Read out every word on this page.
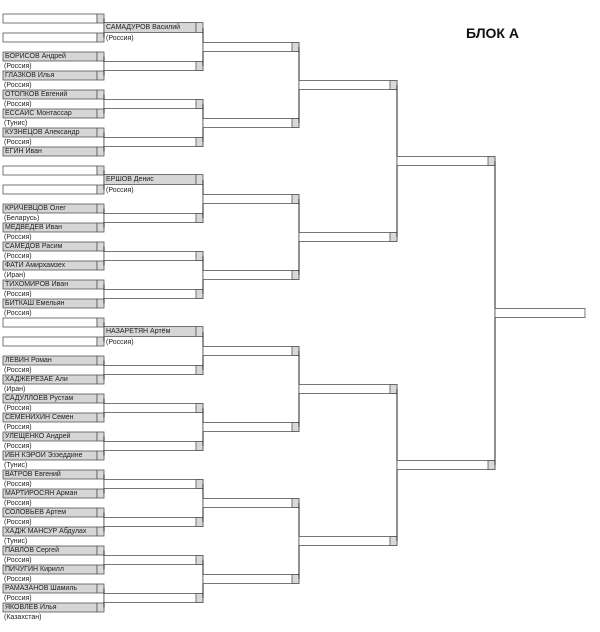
БОРИСОВ Андрей
(Россия)
ГЛАЗКОВ Илья
(Россия)
ОТОПКОВ Евгений
(Россия)
ЕССАИС Монтассар
(Тунис)
КУЗНЕЦОВ Александр
(Россия)
ЕГИН Иван
КРИЧЕВЦОВ Олег
(Беларусь)
МЕДВЕДЕВ Иван
(Россия)
САМЕДОВ Расим
(Россия)
ФАТИ Амирхамзех
(Иран)
ТИХОМИРОВ Иван
(Россия)
БИТКАШ Емельян
(Россия)
ЛЕВИН Роман
(Россия)
ХАДЖЕРЕЗАЕ Али
(Иран)
САДУЛЛОЕВ Рустам
(Россия)
СЕМЕНИХИН Семен
(Россия)
УЛЕЩЕНКО Андрей
(Россия)
ИБН КЭРОИ Эззеддине
(Тунис)
ВАТРОВ Евгений
(Россия)
МАРТИРОСЯН Арман
(Россия)
СОЛОВЬЕВ Артем
(Россия)
ХАДЖ МАНСУР Абдулах
(Тунис)
ПАВЛОВ Сергей
(Россия)
ПИЧУГИН Кирилл
(Россия)
РАМАЗАНОВ Шамиль
(Россия)
ЯКОВЛЕВ Илья
(Казахстан)
САМАДУРОВ Василий
(Россия)
ЕРШОВ Денис
(Россия)
НАЗАРЕТЯН Артём
(Россия)
БЛОК А
